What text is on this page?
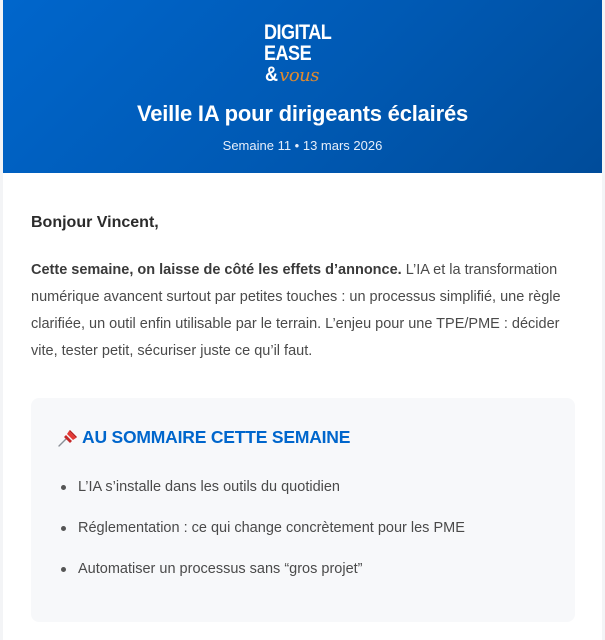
DIGITAL
EASE
&vous
Veille IA pour dirigeants éclairés
Semaine 11 • 13 mars 2026
Bonjour Vincent,

Cette semaine, on laisse de côté les effets d’annonce. L’IA et la transformation numérique avancent surtout par petites touches : un processus simplifié, une règle clarifiée, un outil enfin utilisable par le terrain. L’enjeu pour une TPE/PME : décider vite, tester petit, sécuriser juste ce qu’il faut.

AU SOMMAIRE CETTE SEMAINE
L’IA s’installe dans les outils du quotidien
Réglementation : ce qui change concrètement pour les PME
Automatiser un processus sans “gros projet”
